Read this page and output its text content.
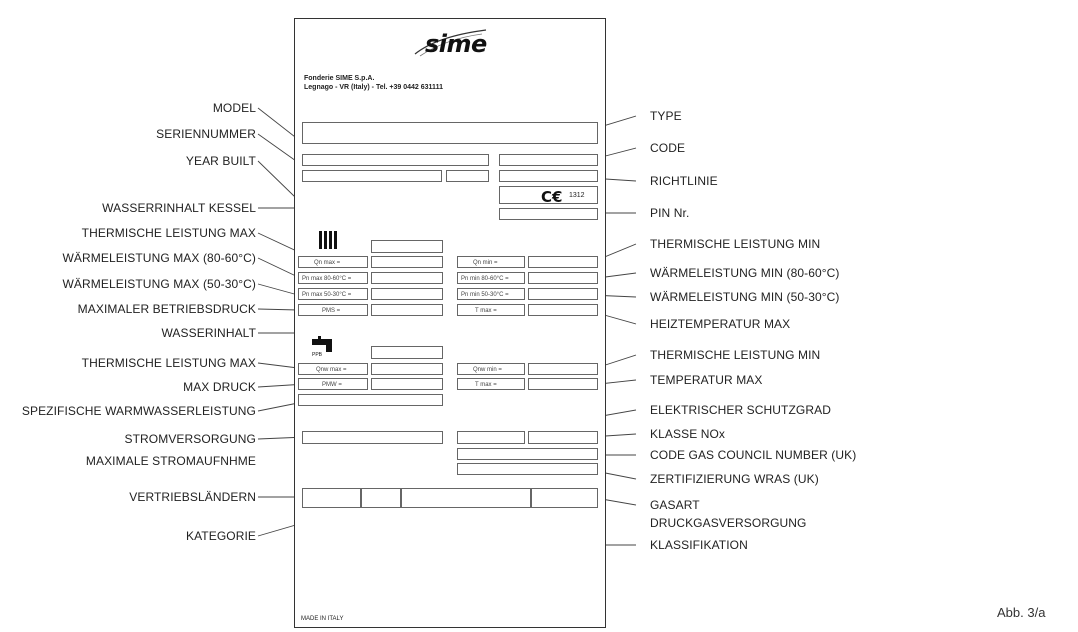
sime
Fonderie SIME S.p.A.
Legnago - VR (Italy) - Tel. +39 0442 631111
C€ 1312
Qn max =	Qn min =
Pn max 80-60°C =	Pn min 80-60°C =
Pn max 50-30°C =	Pn min 50-30°C =
PMS =	T max =
PPB
Qnw max =	Qnw min =
PMW =	T max =
MADE IN ITALY
MODEL
SERIENNUMMER
YEAR BUILT
WASSERRINHALT KESSEL
THERMISCHE LEISTUNG MAX
WÄRMELEISTUNG MAX (80-60°C)
WÄRMELEISTUNG MAX (50-30°C)
MAXIMALER BETRIEBSDRUCK
WASSERINHALT
THERMISCHE LEISTUNG MAX
MAX DRUCK
SPEZIFISCHE WARMWASSERLEISTUNG
STROMVERSORGUNG
MAXIMALE STROMAUFNHME
VERTRIEBSLÄNDERN
KATEGORIE
TYPE
CODE
RICHTLINIE
PIN Nr.
THERMISCHE LEISTUNG MIN
WÄRMELEISTUNG MIN (80-60°C)
WÄRMELEISTUNG MIN (50-30°C)
HEIZTEMPERATUR MAX
THERMISCHE LEISTUNG MIN
TEMPERATUR MAX
ELEKTRISCHER SCHUTZGRAD
KLASSE NOx
CODE GAS COUNCIL NUMBER (UK)
ZERTIFIZIERUNG WRAS (UK)
GASART
DRUCKGASVERSORGUNG
KLASSIFIKATION
Abb. 3/a
